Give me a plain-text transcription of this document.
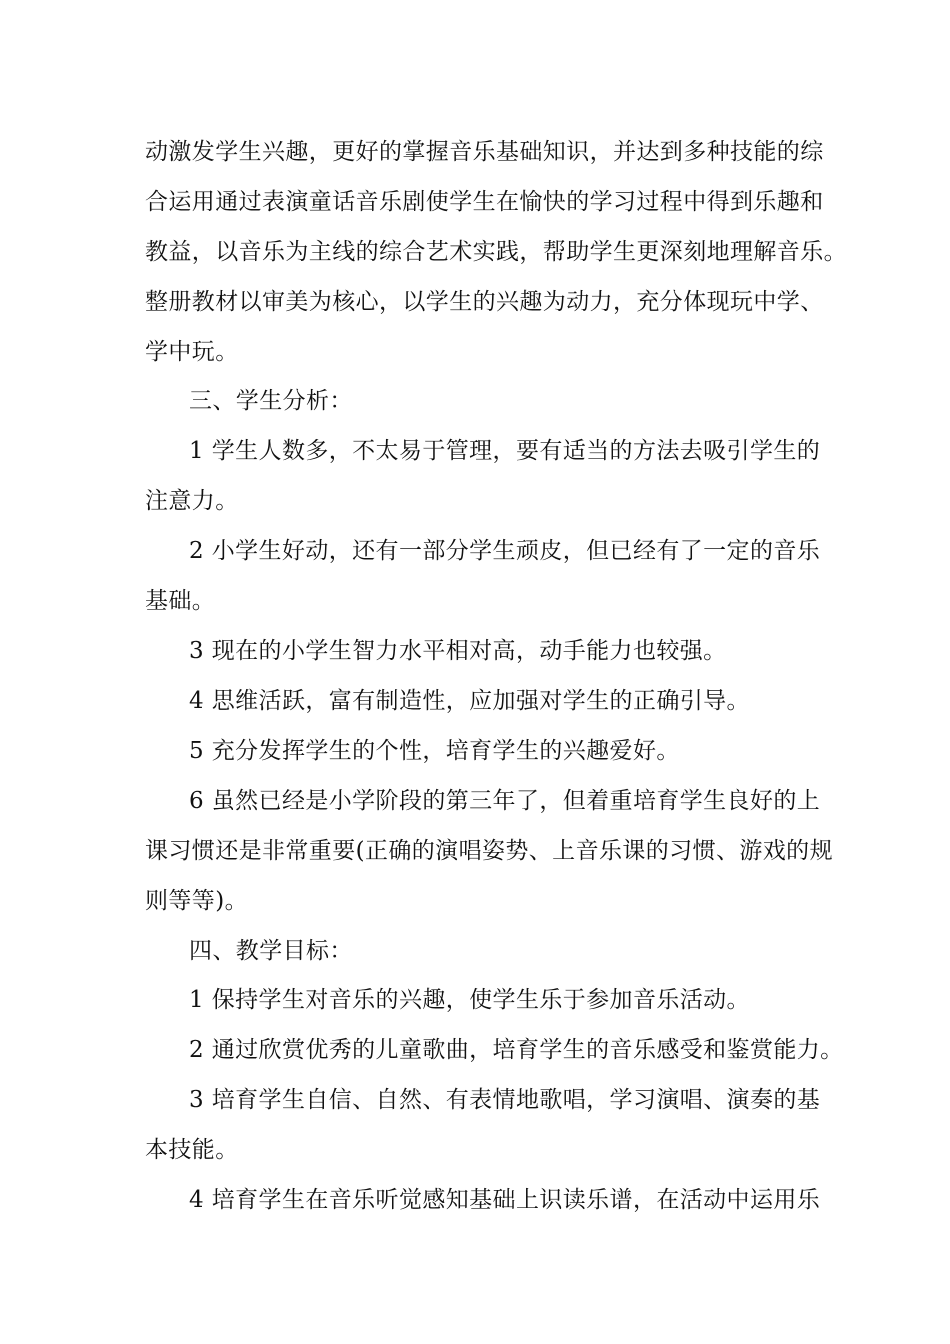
动激发学生兴趣，更好的掌握音乐基础知识，并达到多种技能的综
合运用通过表演童话音乐剧使学生在愉快的学习过程中得到乐趣和
教益，以音乐为主线的综合艺术实践，帮助学生更深刻地理解音乐。
整册教材以审美为核心，以学生的兴趣为动力，充分体现玩中学、
学中玩。
三、学生分析：
1 学生人数多，不太易于管理，要有适当的方法去吸引学生的
注意力。
2 小学生好动，还有一部分学生顽皮，但已经有了一定的音乐
基础。
3 现在的小学生智力水平相对高，动手能力也较强。
4 思维活跃，富有制造性，应加强对学生的正确引导。
5 充分发挥学生的个性，培育学生的兴趣爱好。
6 虽然已经是小学阶段的第三年了，但着重培育学生良好的上
课习惯还是非常重要(正确的演唱姿势、上音乐课的习惯、游戏的规
则等等)。
四、教学目标：
1 保持学生对音乐的兴趣，使学生乐于参加音乐活动。
2 通过欣赏优秀的儿童歌曲，培育学生的音乐感受和鉴赏能力。
3 培育学生自信、自然、有表情地歌唱，学习演唱、演奏的基
本技能。
4 培育学生在音乐听觉感知基础上识读乐谱，在活动中运用乐
